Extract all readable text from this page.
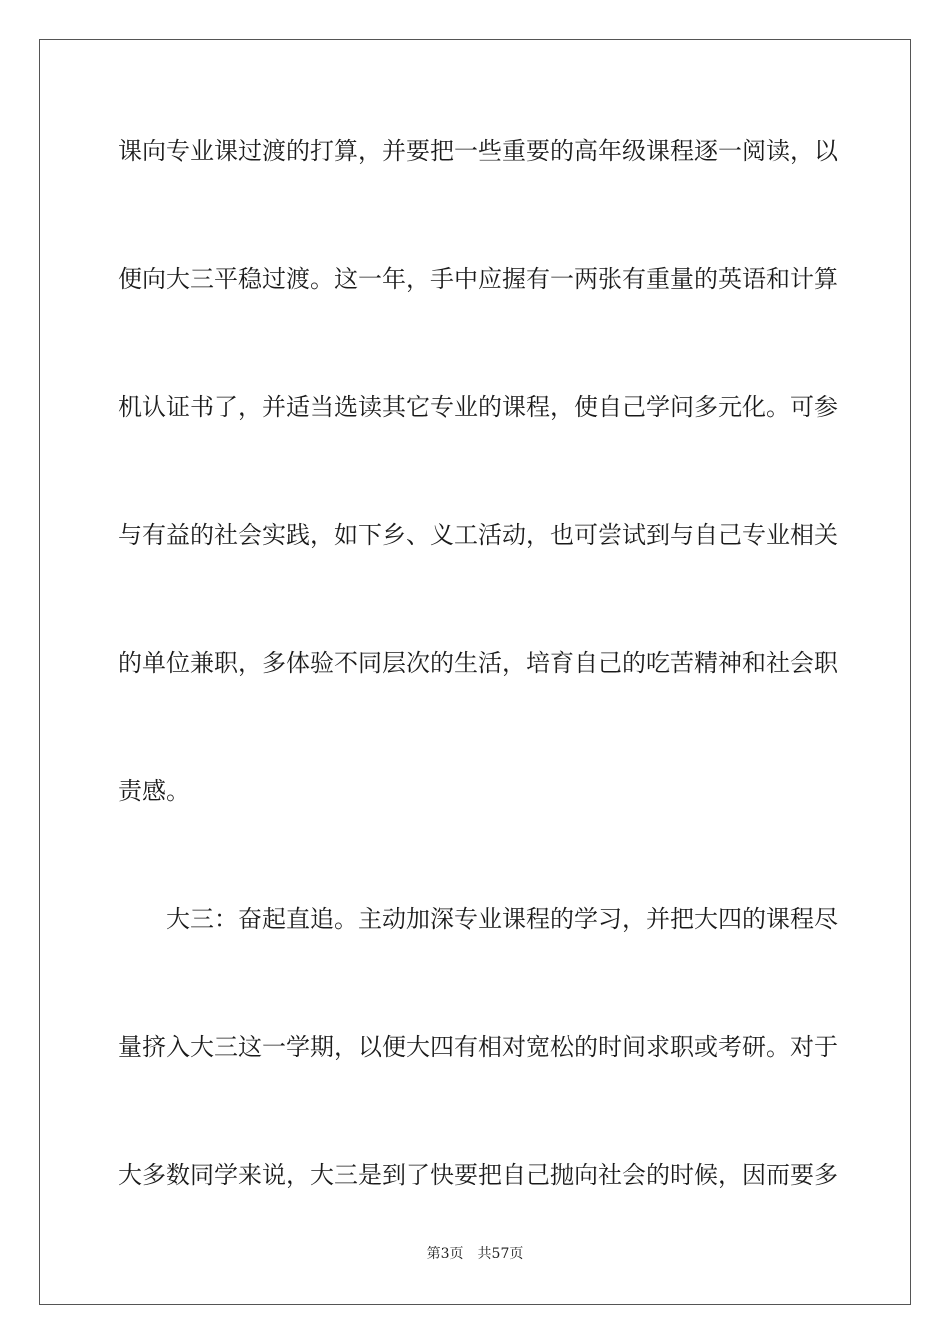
课向专业课过渡的打算，并要把一些重要的高年级课程逐一阅读，以
便向大三平稳过渡。这一年，手中应握有一两张有重量的英语和计算
机认证书了，并适当选读其它专业的课程，使自己学问多元化。可参
与有益的社会实践，如下乡、义工活动，也可尝试到与自己专业相关
的单位兼职，多体验不同层次的生活，培育自己的吃苦精神和社会职
责感。
大三：奋起直追。主动加深专业课程的学习，并把大四的课程尽
量挤入大三这一学期，以便大四有相对宽松的时间求职或考研。对于
大多数同学来说，大三是到了快要把自己抛向社会的时候，因而要多
第3页 共57页
